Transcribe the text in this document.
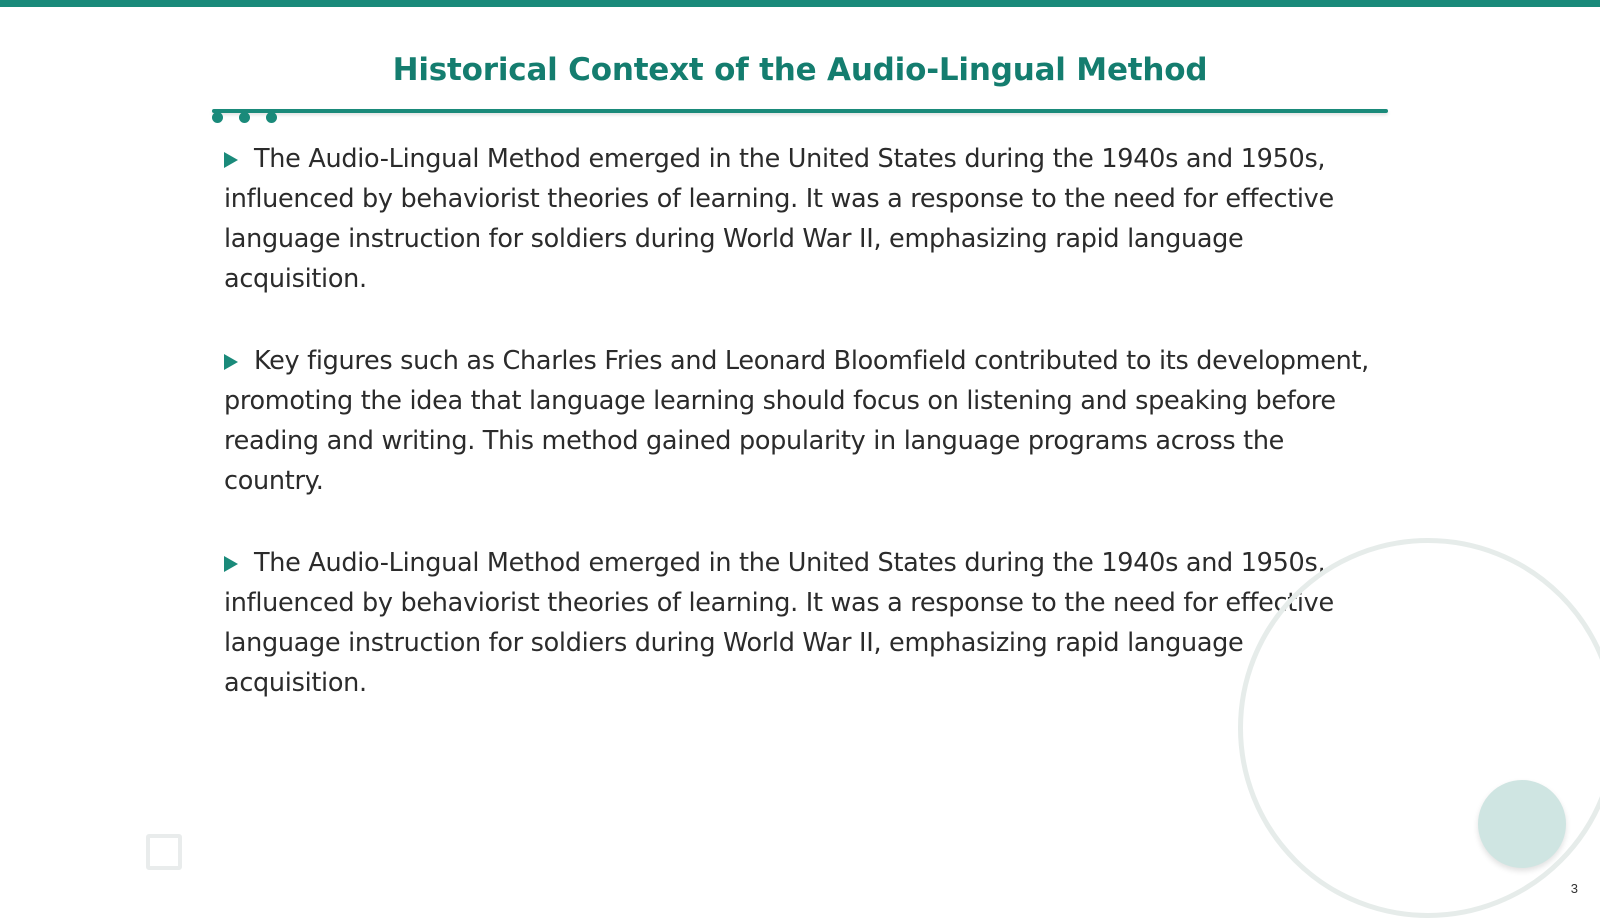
Historical Context of the Audio-Lingual Method

The Audio-Lingual Method emerged in the United States during the 1940s and 1950s, influenced by behaviorist theories of learning. It was a response to the need for effective language instruction for soldiers during World War II, emphasizing rapid language acquisition.

Key figures such as Charles Fries and Leonard Bloomfield contributed to its development, promoting the idea that language learning should focus on listening and speaking before reading and writing. This method gained popularity in language programs across the country.

The Audio-Lingual Method emerged in the United States during the 1940s and 1950s, influenced by behaviorist theories of learning. It was a response to the need for effective language instruction for soldiers during World War II, emphasizing rapid language acquisition.

3
